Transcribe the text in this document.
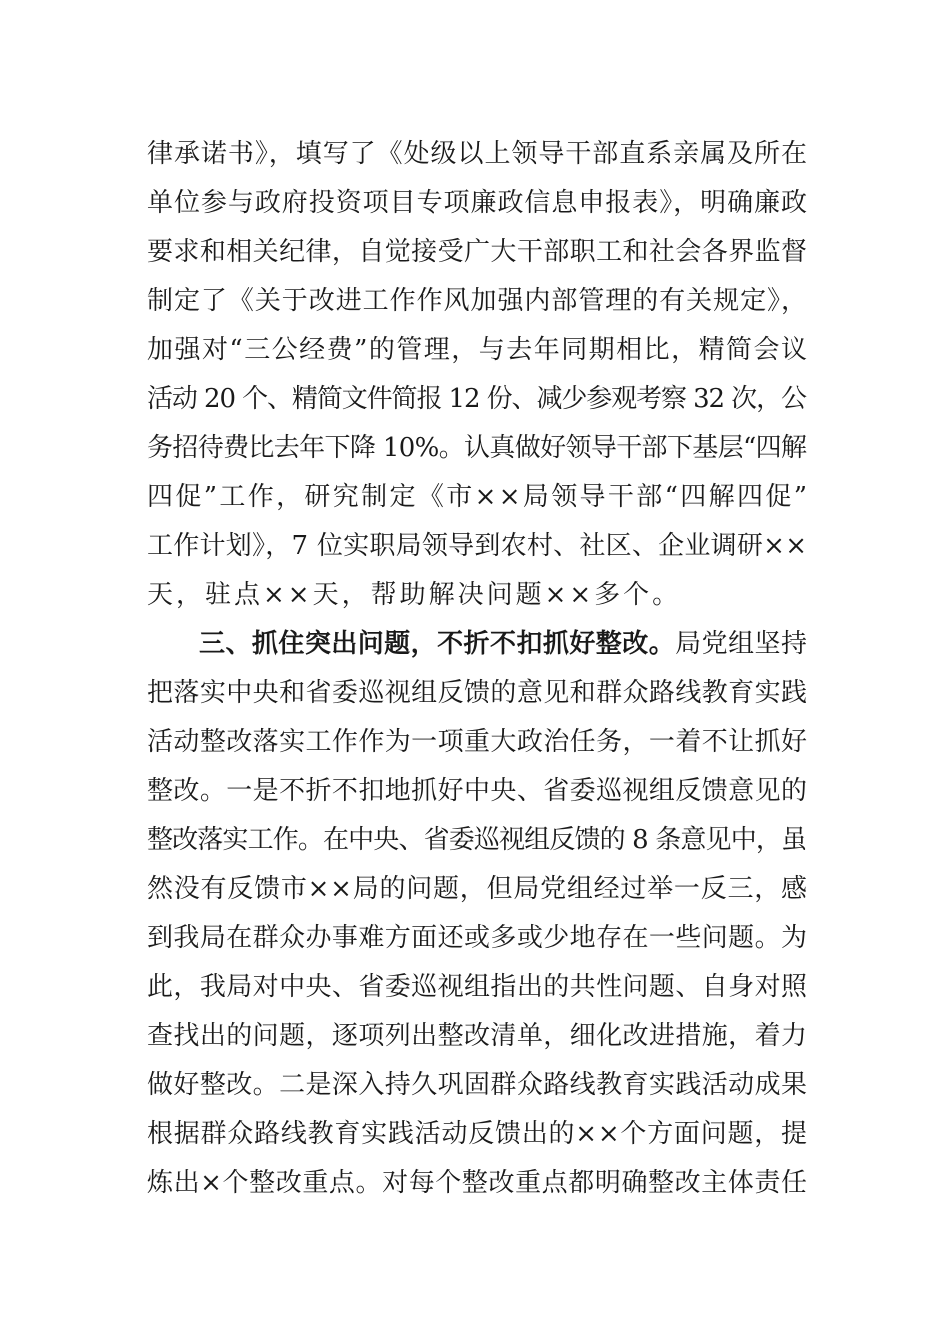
律承诺书》，填写了《处级以上领导干部直系亲属及所在
单位参与政府投资项目专项廉政信息申报表》，明确廉政
要求和相关纪律，自觉接受广大干部职工和社会各界监督
制定了《关于改进工作作风加强内部管理的有关规定》，
加强对“三公经费”的管理，与去年同期相比，精简会议
活动 20 个、精简文件简报 12 份、减少参观考察 32 次，公
务招待费比去年下降 10%。认真做好领导干部下基层“四解
四促”工作，研究制定《市××局领导干部“四解四促”
工作计划》，7 位实职局领导到农村、社区、企业调研××
天，驻点××天，帮助解决问题××多个。
三、抓住突出问题，不折不扣抓好整改。 局党组坚持
把落实中央和省委巡视组反馈的意见和群众路线教育实践
活动整改落实工作作为一项重大政治任务，一着不让抓好
整改。一是不折不扣地抓好中央、省委巡视组反馈意见的
整改落实工作。在中央、省委巡视组反馈的 8 条意见中，虽
然没有反馈市××局的问题，但局党组经过举一反三，感
到我局在群众办事难方面还或多或少地存在一些问题。为
此，我局对中央、省委巡视组指出的共性问题、自身对照
查找出的问题，逐项列出整改清单，细化改进措施，着力
做好整改。二是深入持久巩固群众路线教育实践活动成果
根据群众路线教育实践活动反馈出的××个方面问题，提
炼出×个整改重点。对每个整改重点都明确整改主体责任
